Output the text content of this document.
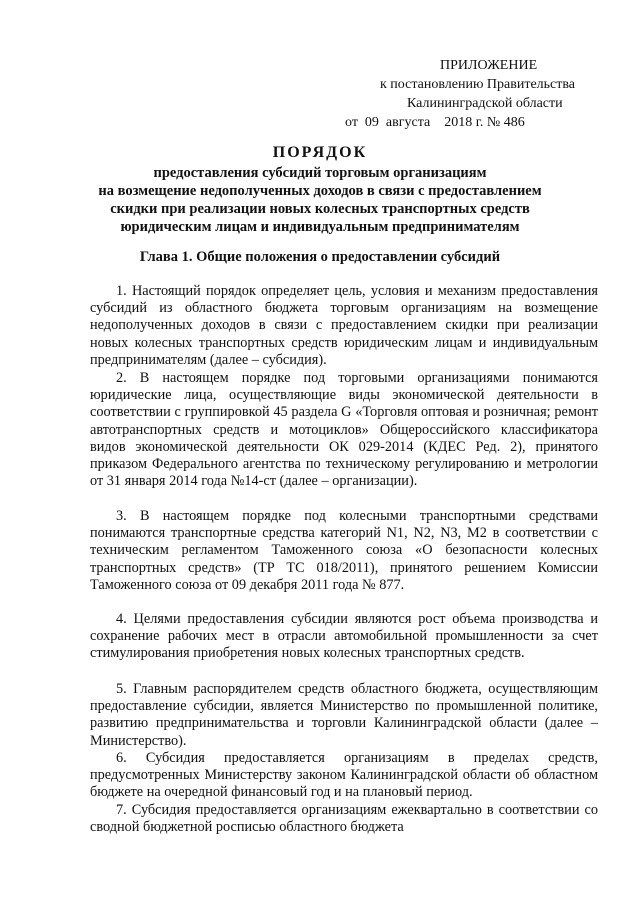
ПРИЛОЖЕНИЕ
к постановлению Правительства
Калининградской области
от  09  августа    2018 г. № 486
ПОРЯДОК
предоставления субсидий торговым организациям
на возмещение недополученных доходов в связи с предоставлением
скидки при реализации новых колесных транспортных средств
юридическим лицам и индивидуальным предпринимателям
Глава 1. Общие положения о предоставлении субсидий

1. Настоящий порядок определяет цель, условия и механизм предоставления субсидий из областного бюджета торговым организациям на возмещение недополученных доходов в связи с предоставлением скидки при реализации новых колесных транспортных средств юридическим лицам и индивидуальным предпринимателям (далее – субсидия).

2. В настоящем порядке под торговыми организациями понимаются юридические лица, осуществляющие виды экономической деятельности в соответствии с группировкой 45 раздела G «Торговля оптовая и розничная; ремонт автотранспортных средств и мотоциклов» Общероссийского классификатора видов экономической деятельности ОК 029-2014 (КДЕС Ред. 2), принятого приказом Федерального агентства по техническому регулированию и метрологии от 31 января 2014 года №14-ст (далее – организации).

3. В настоящем порядке под колесными транспортными средствами понимаются транспортные средства категорий N1, N2, N3, M2 в соответствии с техническим регламентом Таможенного союза «О безопасности колесных транспортных средств» (ТР ТС 018/2011), принятого решением Комиссии Таможенного союза от 09 декабря 2011 года № 877.

4. Целями предоставления субсидии являются рост объема производства и сохранение рабочих мест в отрасли автомобильной промышленности за счет стимулирования приобретения новых колесных транспортных средств.

5. Главным распорядителем средств областного бюджета, осуществляющим предоставление субсидии, является Министерство по промышленной политике, развитию предпринимательства и торговли Калининградской области (далее – Министерство).

6. Субсидия предоставляется организациям в пределах средств, предусмотренных Министерству законом Калининградской области об областном бюджете на очередной финансовый год и на плановый период.

7. Субсидия предоставляется организациям ежеквартально в соответствии со сводной бюджетной росписью областного бюджета
